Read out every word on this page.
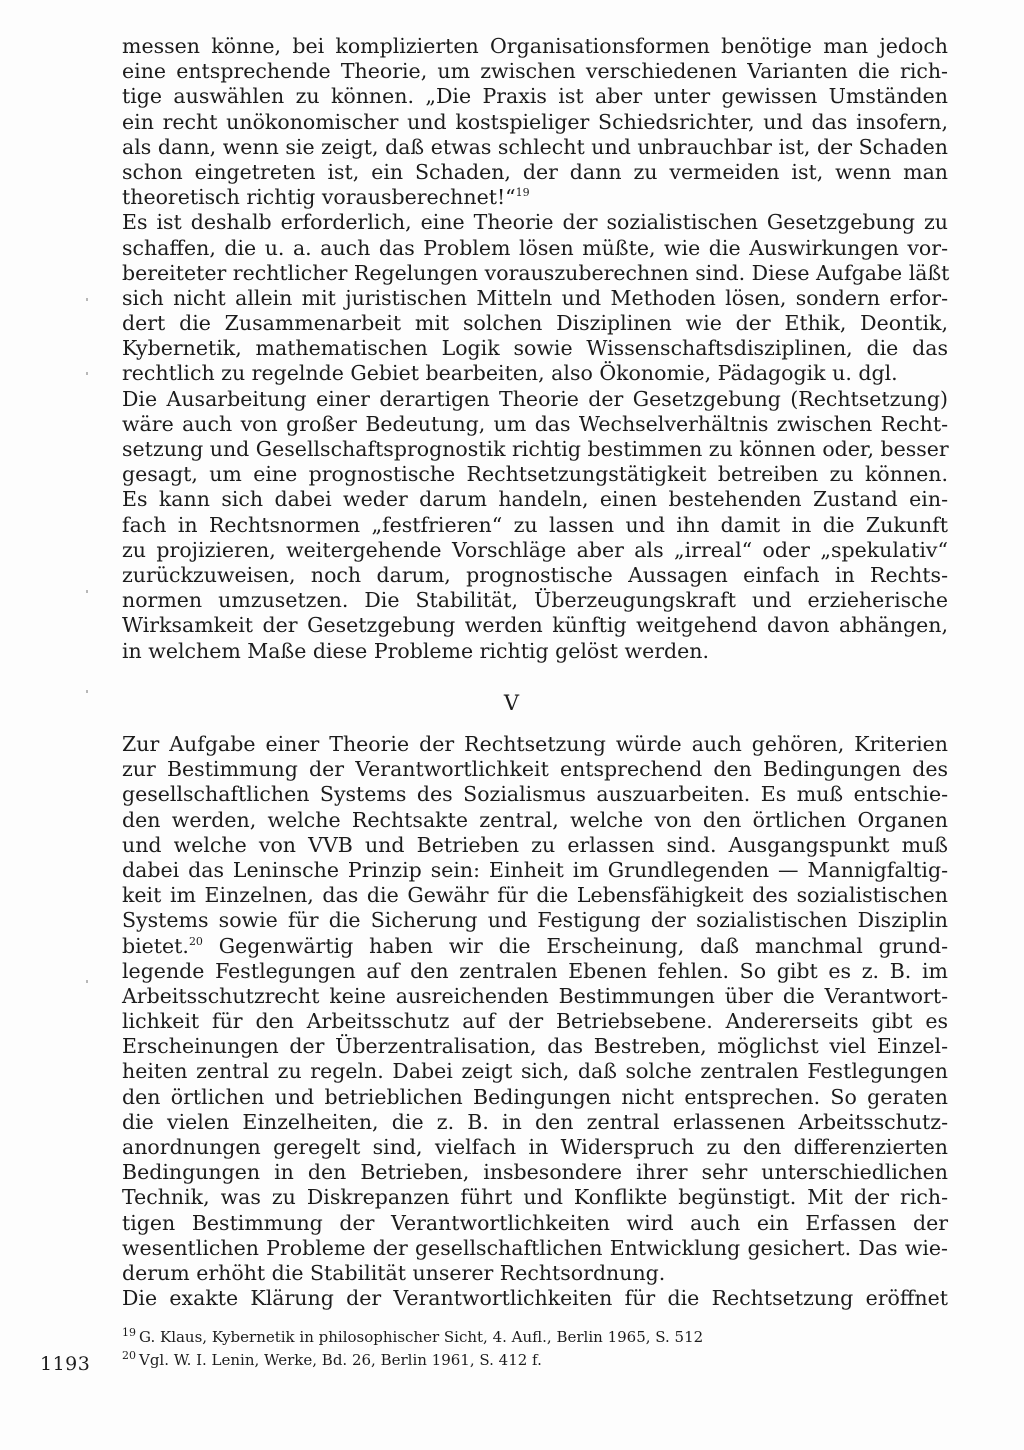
messen könne, bei komplizierten Organisationsformen benötige man jedoch
eine entsprechende Theorie, um zwischen verschiedenen Varianten die rich-
tige auswählen zu können. „Die Praxis ist aber unter gewissen Umständen
ein recht unökonomischer und kostspieliger Schiedsrichter, und das insofern,
als dann, wenn sie zeigt, daß etwas schlecht und unbrauchbar ist, der Schaden
schon eingetreten ist, ein Schaden, der dann zu vermeiden ist, wenn man
theoretisch richtig vorausberechnet!“$^{19}$
Es ist deshalb erforderlich, eine Theorie der sozialistischen Gesetzgebung zu
schaffen, die u. a. auch das Problem lösen müßte, wie die Auswirkungen vor-
bereiteter rechtlicher Regelungen vorauszuberechnen sind. Diese Aufgabe läßt
sich nicht allein mit juristischen Mitteln und Methoden lösen, sondern erfor-
dert die Zusammenarbeit mit solchen Disziplinen wie der Ethik, Deontik,
Kybernetik, mathematischen Logik sowie Wissenschaftsdisziplinen, die das
rechtlich zu regelnde Gebiet bearbeiten, also Ökonomie, Pädagogik u. dgl.
Die Ausarbeitung einer derartigen Theorie der Gesetzgebung (Rechtsetzung)
wäre auch von großer Bedeutung, um das Wechselverhältnis zwischen Recht-
setzung und Gesellschaftsprognostik richtig bestimmen zu können oder, besser
gesagt, um eine prognostische Rechtsetzungstätigkeit betreiben zu können.
Es kann sich dabei weder darum handeln, einen bestehenden Zustand ein-
fach in Rechtsnormen „festfrieren“ zu lassen und ihn damit in die Zukunft
zu projizieren, weitergehende Vorschläge aber als „irreal“ oder „spekulativ“
zurückzuweisen, noch darum, prognostische Aussagen einfach in Rechts-
normen umzusetzen. Die Stabilität, Überzeugungskraft und erzieherische
Wirksamkeit der Gesetzgebung werden künftig weitgehend davon abhängen,
in welchem Maße diese Probleme richtig gelöst werden.
V
Zur Aufgabe einer Theorie der Rechtsetzung würde auch gehören, Kriterien
zur Bestimmung der Verantwortlichkeit entsprechend den Bedingungen des
gesellschaftlichen Systems des Sozialismus auszuarbeiten. Es muß entschie-
den werden, welche Rechtsakte zentral, welche von den örtlichen Organen
und welche von VVB und Betrieben zu erlassen sind. Ausgangspunkt muß
dabei das Leninsche Prinzip sein: Einheit im Grundlegenden — Mannigfaltig-
keit im Einzelnen, das die Gewähr für die Lebensfähigkeit des sozialistischen
Systems sowie für die Sicherung und Festigung der sozialistischen Disziplin
bietet.$^{20}$ Gegenwärtig haben wir die Erscheinung, daß manchmal grund-
legende Festlegungen auf den zentralen Ebenen fehlen. So gibt es z. B. im
Arbeitsschutzrecht keine ausreichenden Bestimmungen über die Verantwort-
lichkeit für den Arbeitsschutz auf der Betriebsebene. Andererseits gibt es
Erscheinungen der Überzentralisation, das Bestreben, möglichst viel Einzel-
heiten zentral zu regeln. Dabei zeigt sich, daß solche zentralen Festlegungen
den örtlichen und betrieblichen Bedingungen nicht entsprechen. So geraten
die vielen Einzelheiten, die z. B. in den zentral erlassenen Arbeitsschutz-
anordnungen geregelt sind, vielfach in Widerspruch zu den differenzierten
Bedingungen in den Betrieben, insbesondere ihrer sehr unterschiedlichen
Technik, was zu Diskrepanzen führt und Konflikte begünstigt. Mit der rich-
tigen Bestimmung der Verantwortlichkeiten wird auch ein Erfassen der
wesentlichen Probleme der gesellschaftlichen Entwicklung gesichert. Das wie-
derum erhöht die Stabilität unserer Rechtsordnung.
Die exakte Klärung der Verantwortlichkeiten für die Rechtsetzung eröffnet
$^{19}$ G. Klaus, Kybernetik in philosophischer Sicht, 4. Aufl., Berlin 1965, S. 512
$^{20}$ Vgl. W. I. Lenin, Werke, Bd. 26, Berlin 1961, S. 412 f.
1193
